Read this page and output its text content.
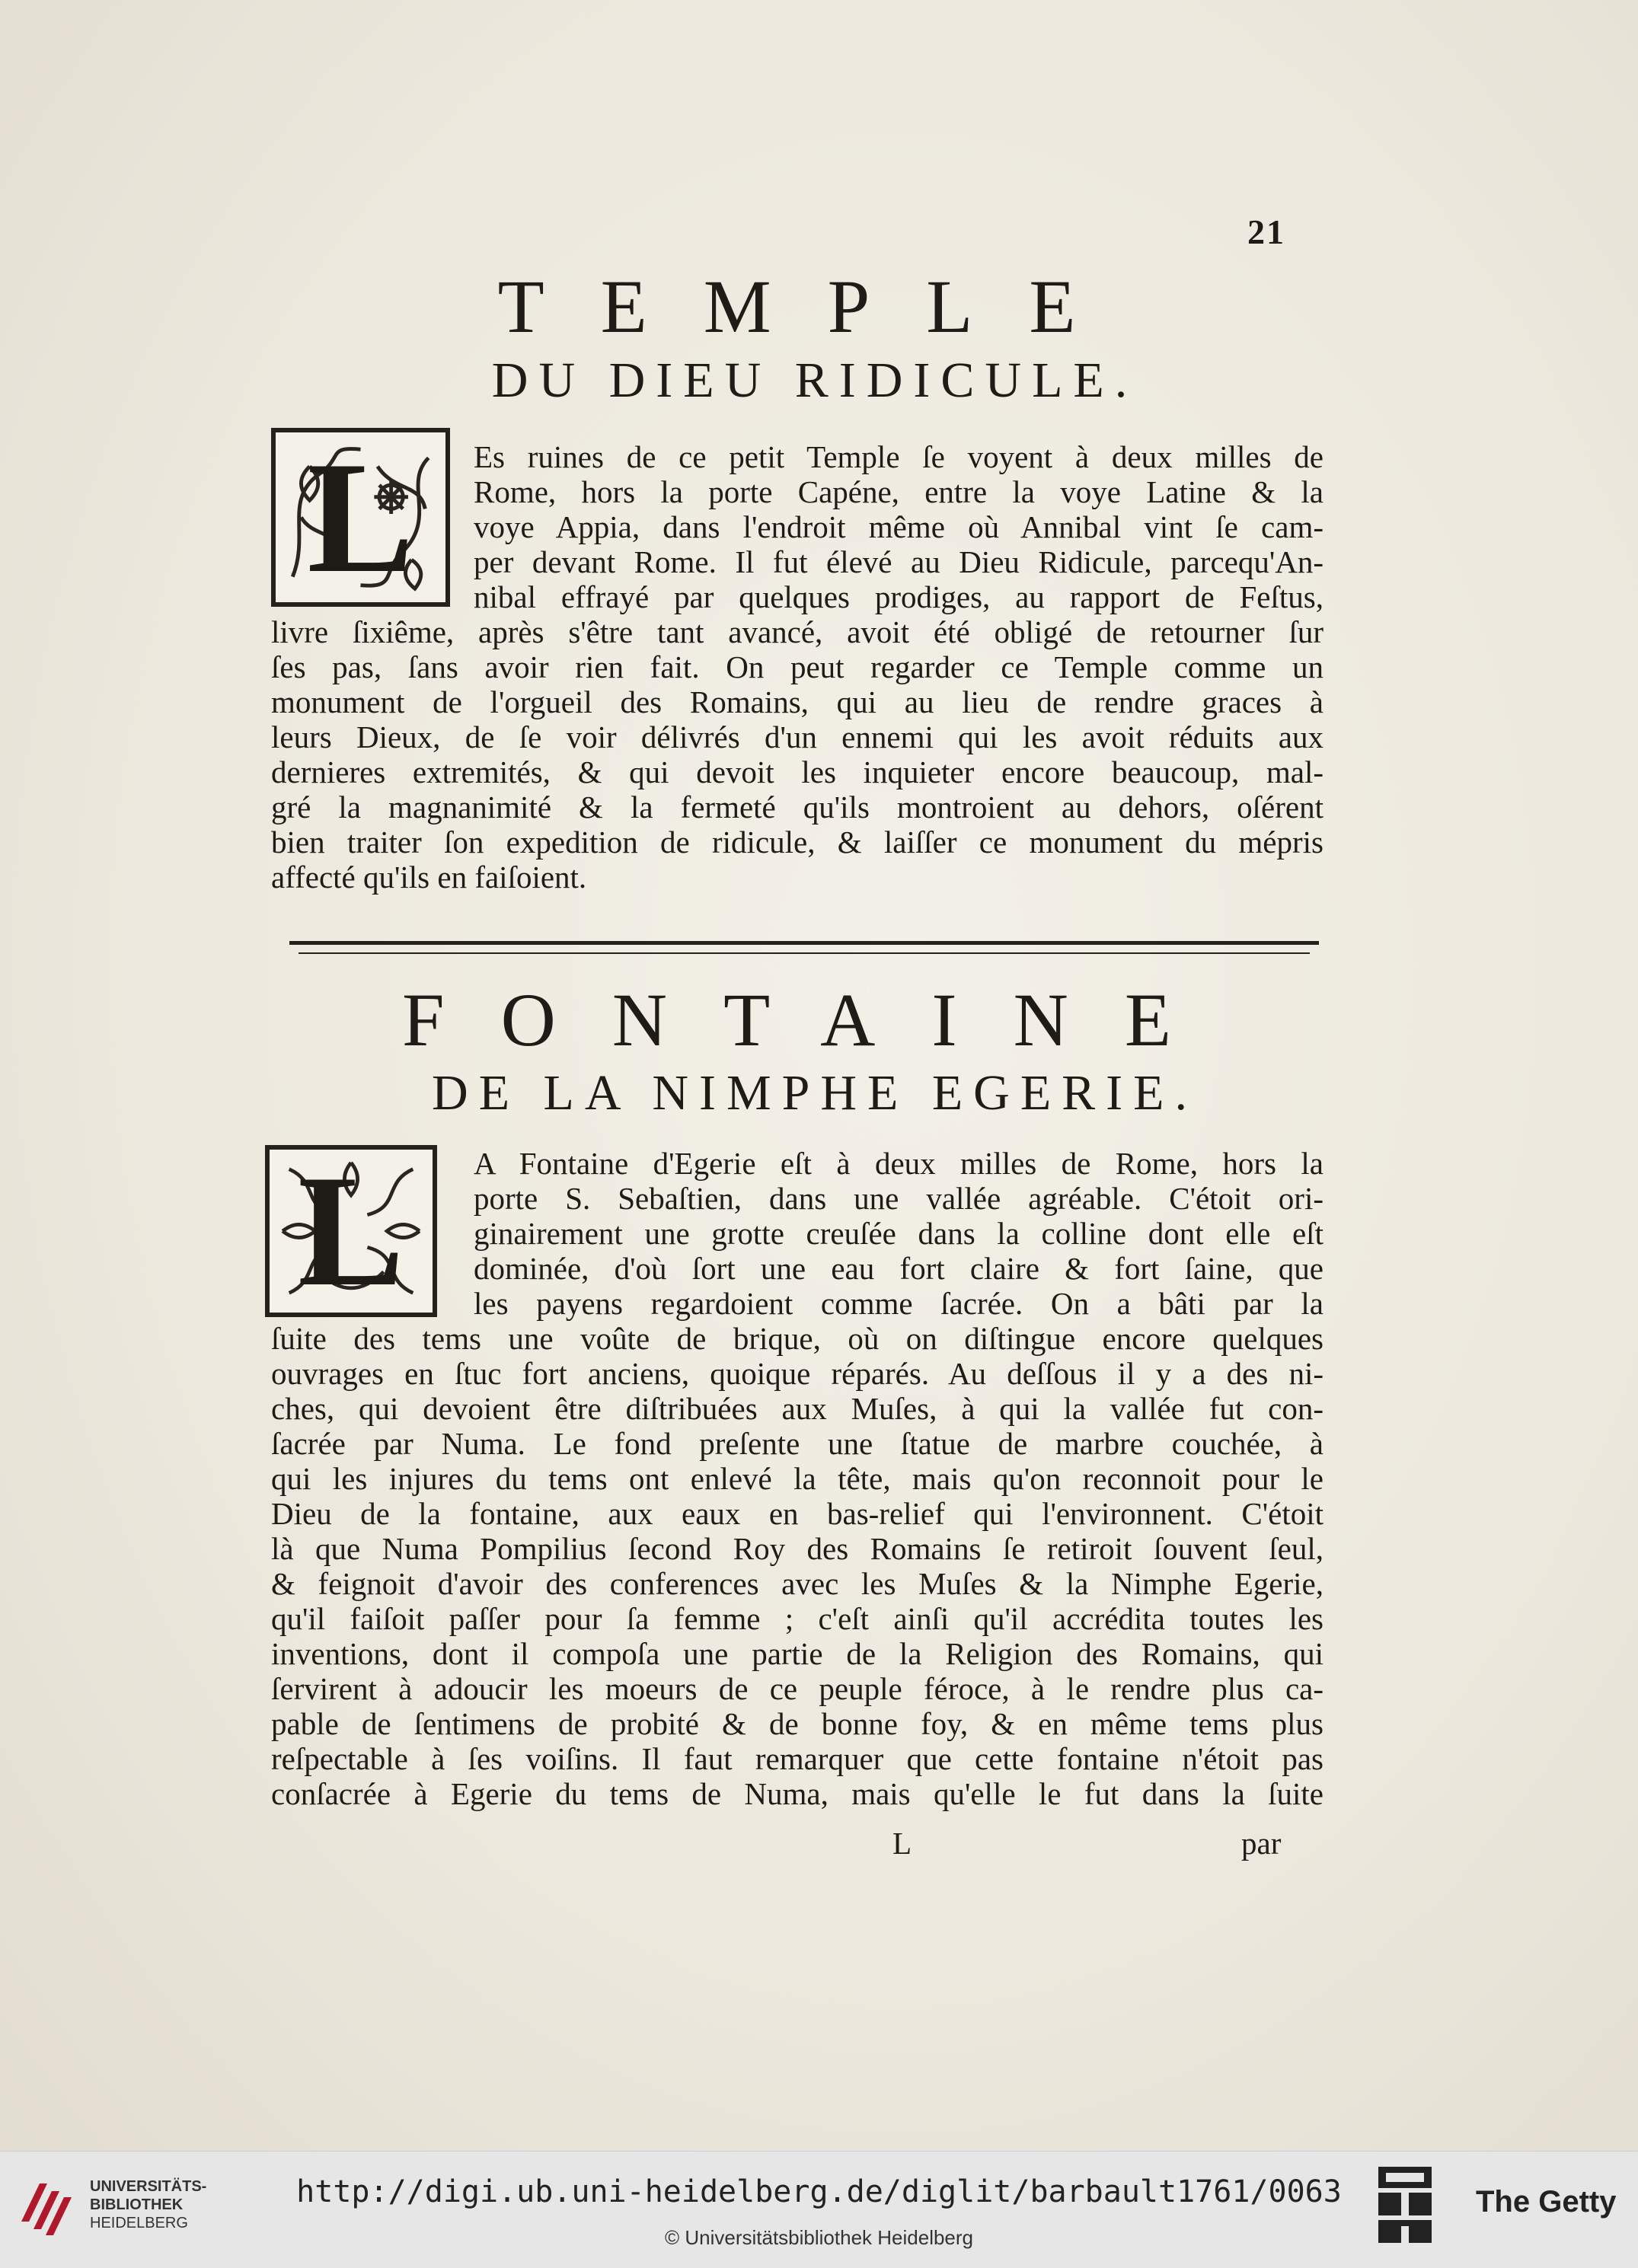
21
TEMPLE
DU DIEU RIDICULE.
L	Es ruines de ce petit Temple ſe voyent à deux milles de
Rome, hors la porte Capéne, entre la voye Latine & la
voye Appia, dans l'endroit même où Annibal vint ſe cam-
per devant Rome. Il fut élevé au Dieu Ridicule, parcequ'An-
nibal effrayé par quelques prodiges, au rapport de Feſtus,
livre ſixiême, après s'être tant avancé, avoit été obligé de retourner ſur
ſes pas, ſans avoir rien fait. On peut regarder ce Temple comme un
monument de l'orgueil des Romains, qui au lieu de rendre graces à
leurs Dieux, de ſe voir délivrés d'un ennemi qui les avoit réduits aux
dernieres extremités, & qui devoit les inquieter encore beaucoup, mal-
gré la magnanimité & la fermeté qu'ils montroient au dehors, oſérent
bien traiter ſon expedition de ridicule, & laiſſer ce monument du mépris
affecté qu'ils en faiſoient.
FONTAINE
DE LA NIMPHE EGERIE.
L	A Fontaine d'Egerie eſt à deux milles de Rome, hors la
porte S. Sebaſtien, dans une vallée agréable. C'étoit ori-
ginairement une grotte creuſée dans la colline dont elle eſt
dominée, d'où ſort une eau fort claire & fort ſaine, que
les payens regardoient comme ſacrée. On a bâti par la
ſuite des tems une voûte de brique, où on diſtingue encore quelques
ouvrages en ſtuc fort anciens, quoique réparés. Au deſſous il y a des ni-
ches, qui devoient être diſtribuées aux Muſes, à qui la vallée fut con-
ſacrée par Numa. Le fond preſente une ſtatue de marbre couchée, à
qui les injures du tems ont enlevé la tête, mais qu'on reconnoit pour le
Dieu de la fontaine, aux eaux en bas-relief qui l'environnent. C'étoit
là que Numa Pompilius ſecond Roy des Romains ſe retiroit ſouvent ſeul,
& feignoit d'avoir des conferences avec les Muſes & la Nimphe Egerie,
qu'il faiſoit paſſer pour ſa femme ; c'eſt ainſi qu'il accrédita toutes les
inventions, dont il compoſa une partie de la Religion des Romains, qui
ſervirent à adoucir les moeurs de ce peuple féroce, à le rendre plus ca-
pable de ſentimens de probité & de bonne foy, & en même tems plus
reſpectable à ſes voiſins. Il faut remarquer que cette fontaine n'étoit pas
conſacrée à Egerie du tems de Numa, mais qu'elle le fut dans la ſuite
L	par
UNIVERSITÄTS-
BIBLIOTHEK
HEIDELBERG
http://digi.ub.uni-heidelberg.de/diglit/barbault1761/0063
© Universitätsbibliothek Heidelberg
The Getty
